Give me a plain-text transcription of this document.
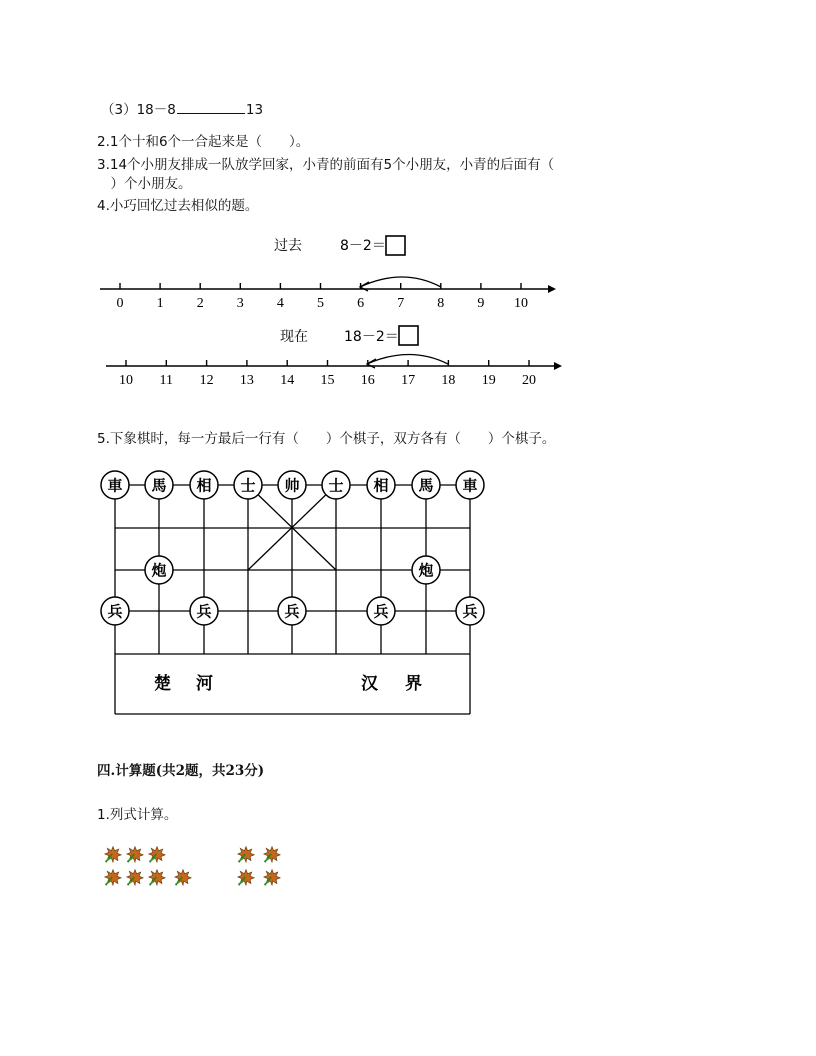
（3）18－8	13
2.1个十和6个一合起来是（　　）。
3.14个小朋友排成一队放学回家，小青的前面有5个小朋友，小青的后面有（
　）个小朋友。
4.小巧回忆过去相似的题。
过去	8－2＝
0 1 2 3 4 5 6 7 8 9 10
现在	18－2＝
10 11 12 13 14 15 16 17 18 19 20
5.下象棋时，每一方最后一行有（　　）个棋子，双方各有（　　）个棋子。
車 馬 相 士 帅 士 相 馬 車
炮	炮
兵	兵	兵	兵	兵
楚 河	汉 界
四.计算题(共2题，共23分)
1.列式计算。
